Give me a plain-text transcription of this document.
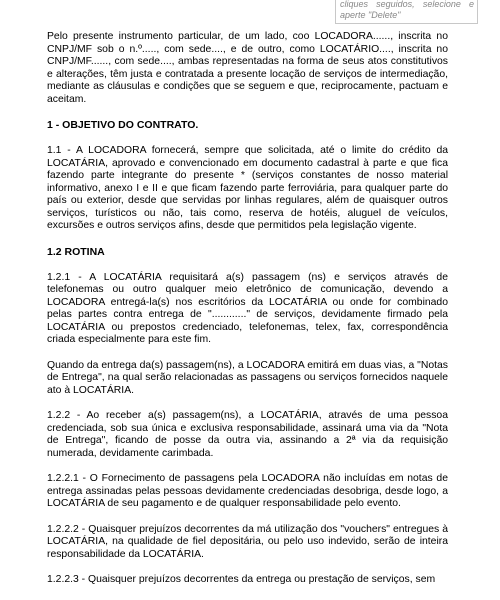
cliques seguidos, selecione e aperte "Delete"

Pelo presente instrumento particular, de um lado, coo LOCADORA......, inscrita no CNPJ/MF sob o n.º....., com sede...., e de outro, como LOCATÁRIO...., inscrita no CNPJ/MF......, com sede...., ambas representadas na forma de seus atos constitutivos e alterações, têm justa e contratada a presente locação de serviços de intermediação, mediante as cláusulas e condições que se seguem e que, reciprocamente, pactuam e aceitam.

1 - OBJETIVO DO CONTRATO.

1.1 - A LOCADORA fornecerá, sempre que solicitada, até o limite do crédito da LOCATÁRIA, aprovado e convencionado em documento cadastral à parte e que fica fazendo parte integrante do presente * (serviços constantes de nosso material informativo, anexo I e II e que ficam fazendo parte ferroviária, para qualquer parte do país ou exterior, desde que servidas por linhas regulares, além de quaisquer outros serviços, turísticos ou não, tais como, reserva de hotéis, aluguel de veículos, excursões e outros serviços afins, desde que permitidos pela legislação vigente.

1.2 ROTINA

1.2.1 - A LOCATÁRIA requisitará a(s) passagem (ns) e serviços através de telefonemas ou outro qualquer meio eletrônico de comunicação, devendo a LOCADORA entregá-la(s) nos escritórios da LOCATÁRIA ou onde for combinado pelas partes contra entrega de "............" de serviços, devidamente firmado pela LOCATÁRIA ou prepostos credenciado, telefonemas, telex, fax, correspondência criada especialmente para este fim.

Quando da entrega da(s) passagem(ns), a LOCADORA emitirá em duas vias, a "Notas de Entrega", na qual serão relacionadas as passagens ou serviços fornecidos naquele ato à LOCATÁRIA.

1.2.2 - Ao receber a(s) passagem(ns), a LOCATÁRIA, através de uma pessoa credenciada, sob sua única e exclusiva responsabilidade, assinará uma via da "Nota de Entrega", ficando de posse da outra via, assinando a 2ª via da requisição numerada, devidamente carimbada.

1.2.2.1 - O Fornecimento de passagens pela LOCADORA não incluídas em notas de entrega assinadas pelas pessoas devidamente credenciadas desobriga, desde logo, a LOCATÁRIA de seu pagamento e de qualquer responsabilidade pelo evento.

1.2.2.2 - Quaisquer prejuízos decorrentes da má utilização dos "vouchers" entregues à LOCATÁRIA, na qualidade de fiel depositária, ou pelo uso indevido, serão de inteira responsabilidade da LOCATÁRIA.

1.2.2.3 - Quaisquer prejuízos decorrentes da entrega ou prestação de serviços, sem
